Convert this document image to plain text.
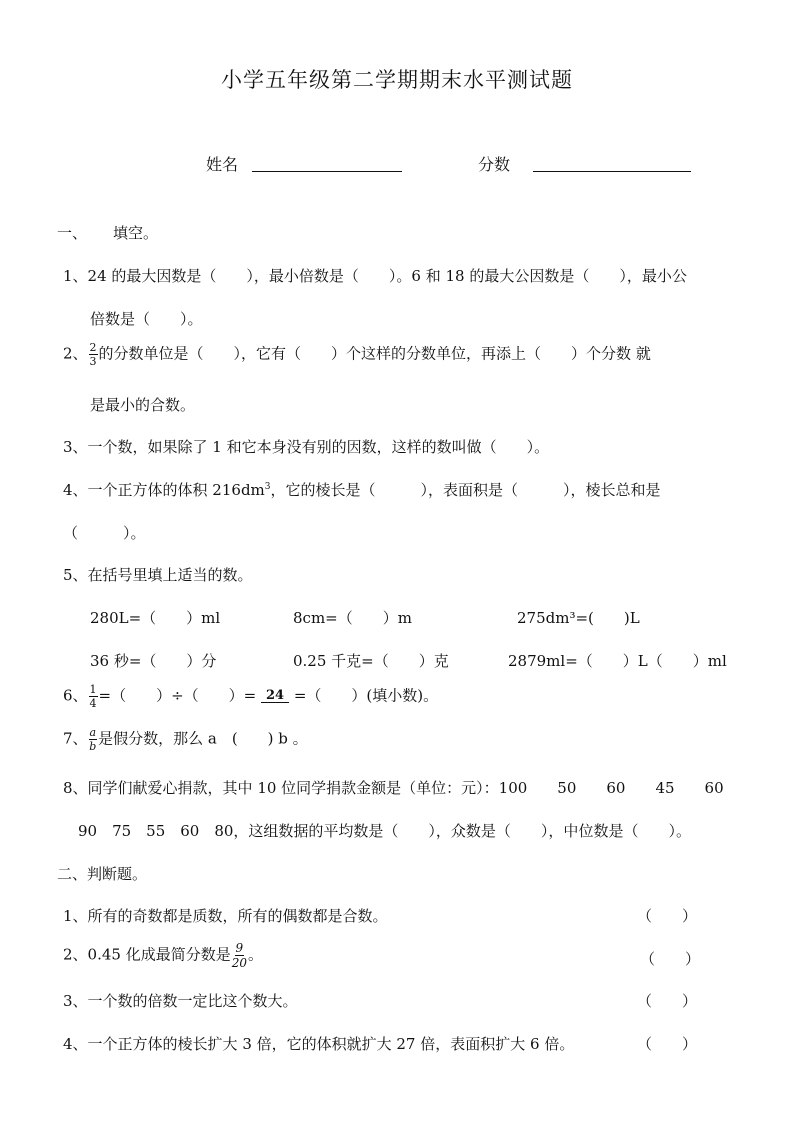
小学五年级第二学期期末水平测试题
姓名	分数
一、 填空。
1、24 的最大因数是（　　），最小倍数是（　　）。6 和 18 的最大公因数是（　　），最小公
倍数是（　　）。
2、 $\frac{2}{3}$ 的分数单位是（　　），它有（　　）个这样的分数单位，再添上（　　）个分数 就
是最小的合数。
3、一个数，如果除了 1 和它本身没有别的因数，这样的数叫做（　　）。
4、一个正方体的体积 $216dm^3$，它的棱长是（　　　），表面积是（　　　），棱长总和是
（　　　）。
5、在括号里填上适当的数。
280L=（　　）ml	8cm=（　　）m	275dm³=(　　)L
36 秒=（　　）分	0.25 千克=（　　）克	2879ml=（　　）L（　　）ml
6、 $\frac{1}{4}$ =（　　）÷（　　）= 24 =（　　）(填小数)。
7、 $\frac{a}{b}$ 是假分数，那么 a　(　　) b 。
8、同学们献爱心捐款，其中 10 位同学捐款金额是（单位：元）：100　　50　　60　　45　　60
90　75　55　60　80，这组数据的平均数是（　　），众数是（　　），中位数是（　　）。
二、判断题。
1、所有的奇数都是质数，所有的偶数都是合数。	（　　）
2、0.45 化成最简分数是 $\frac{9}{20}$ 。	（　　）
3、一个数的倍数一定比这个数大。	（　　）
4、一个正方体的棱长扩大 3 倍，它的体积就扩大 27 倍，表面积扩大 6 倍。	（　　）
